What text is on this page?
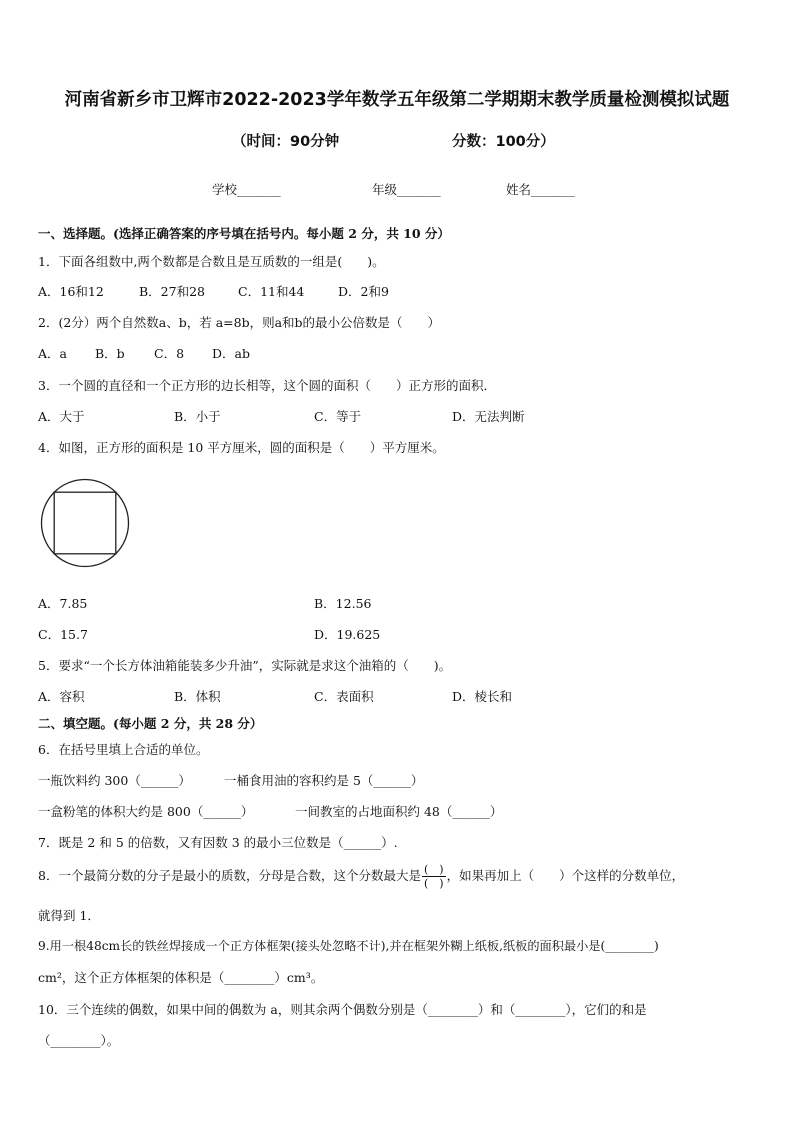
河南省新乡市卫辉市2022-2023学年数学五年级第二学期期末教学质量检测模拟试题
（时间：90分钟	分数：100分）
学校_______	年级_______	姓名_______
一、选择题。(选择正确答案的序号填在括号内。每小题 2 分，共 10 分）
1．下面各组数中,两个数都是合数且是互质数的一组是(　　)。
A．16和12	B．27和28	C．11和44	D．2和9
2．(2分）两个自然数a、b，若 a=8b，则a和b的最小公倍数是（　　）
A．a B．b C．8 D．ab
3．一个圆的直径和一个正方形的边长相等，这个圆的面积（　　）正方形的面积．
A．大于	B．小于	C．等于	D．无法判断
4．如图，正方形的面积是 10 平方厘米，圆的面积是（　　）平方厘米。
A．7.85	B．12.56
C．15.7	D．19.625
5．要求“一个长方体油箱能装多少升油”，实际就是求这个油箱的（　　)。
A．容积	B．体积	C．表面积	D．棱长和
二、填空题。(每小题 2 分，共 28 分）
6．在括号里填上合适的单位。
一瓶饮料约 300（______）	一桶食用油的容积约是 5（______）
一盒粉笔的体积大约是 800（______）	一间教室的占地面积约 48（______）
7．既是 2 和 5 的倍数，又有因数 3 的最小三位数是（______）.
8．一个最简分数的分子是最小的质数，分母是合数，这个分数最大是 $\frac{( )}{( )}$ ，如果再加上（　　）个这样的分数单位，
就得到 1．
9.用一根48cm长的铁丝焊接成一个正方体框架(接头处忽略不计),并在框架外糊上纸板,纸板的面积最小是(________)
cm²，这个正方体框架的体积是（________）cm³。
10．三个连续的偶数，如果中间的偶数为 a，则其余两个偶数分别是（________）和（________），它们的和是
（________）。
